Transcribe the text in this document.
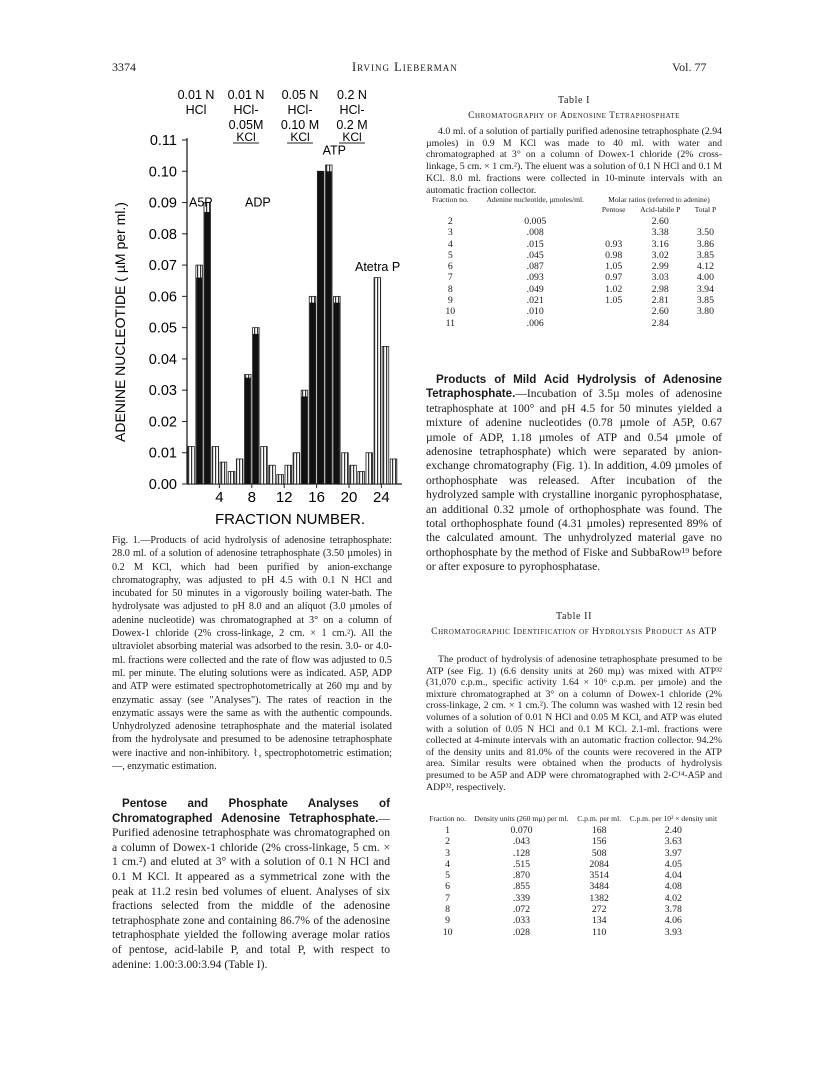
3374	Irving Lieberman	Vol. 77
0.01 N
HCl
0.01 N
HCl-
0.05M
KCl
0.05 N
HCl-
0.10 M
KCl
0.2 N
HCl-
0.2 M
KCl
0.00
0.01
0.02
0.03
0.04
0.05
0.06
0.07
0.08
0.09
0.10
0.11
4 8 12 16 20 24
FRACTION NUMBER.
ADENINE NUCLEOTIDE ( µM per ml.)	A5P	ADP
ATP
Atetra P

Fig. 1.—Products of acid hydrolysis of adenosine tetraphosphate: 28.0 ml. of a solution of adenosine tetraphosphate (3.50 µmoles) in 0.2 M KCl, which had been purified by anion-exchange chromatography, was adjusted to pH 4.5 with 0.1 N HCl and incubated for 50 minutes in a vigorously boiling water-bath. The hydrolysate was adjusted to pH 8.0 and an aliquot (3.0 µmoles of adenine nucleotide) was chromatographed at 3° on a column of Dowex-1 chloride (2% cross-linkage, 2 cm. × 1 cm.²). All the ultraviolet absorbing material was adsorbed to the resin. 3.0- or 4.0-ml. fractions were collected and the rate of flow was adjusted to 0.5 ml. per minute. The eluting solutions were as indicated. A5P, ADP and ATP were estimated spectrophotometrically at 260 mµ and by enzymatic assay (see "Analyses"). The rates of reaction in the enzymatic assays were the same as with the authentic compounds. Unhydrolyzed adenosine tetraphosphate and the material isolated from the hydrolysate and presumed to be adenosine tetraphosphate were inactive and non-inhibitory. ⌇, spectrophotometric estimation; —, enzymatic estimation.

Pentose and Phosphate Analyses of Chromatographed Adenosine Tetraphosphate.—Purified adenosine tetraphosphate was chromatographed on a column of Dowex-1 chloride (2% cross-linkage, 5 cm. × 1 cm.²) and eluted at 3° with a solution of 0.1 N HCl and 0.1 M KCl. It appeared as a symmetrical zone with the peak at 11.2 resin bed volumes of eluent. Analyses of six fractions selected from the middle of the adenosine tetraphosphate zone and containing 86.7% of the adenosine tetraphosphate yielded the following average molar ratios of pentose, acid-labile P, and total P, with respect to adenine: 1.00:3.00:3.94 (Table I).

Table I
Chromatography of Adenosine Tetraphosphate

4.0 ml. of a solution of partially purified adenosine tetraphosphate (2.94 µmoles) in 0.9 M KCl was made to 40 ml. with water and chromatographed at 3° on a column of Dowex-1 chloride (2% cross-linkage, 5 cm. × 1 cm.²). The eluent was a solution of 0.1 N HCl and 0.1 M KCl. 8.0 ml. fractions were collected in 10-minute intervals with an automatic fraction collector.

Fraction no.	Adenine nucleotide, µmoles/ml.	Molar ratios (referred to adenine)		
		Pentose	Acid-labile P	Total P
2	0.005		2.60	
3	.008		3.38	3.50
4	.015	0.93	3.16	3.86
5	.045	0.98	3.02	3.85
6	.087	1.05	2.99	4.12
7	.093	0.97	3.03	4.00
8	.049	1.02	2.98	3.94
9	.021	1.05	2.81	3.85
10	.010		2.60	3.80
11	.006		2.84	

Products of Mild Acid Hydrolysis of Adenosine Tetraphosphate.—Incubation of 3.5µ moles of adenosine tetraphosphate at 100° and pH 4.5 for 50 minutes yielded a mixture of adenine nucleotides (0.78 µmole of A5P, 0.67 µmole of ADP, 1.18 µmoles of ATP and 0.54 µmole of adenosine tetraphosphate) which were separated by anion-exchange chromatography (Fig. 1). In addition, 4.09 µmoles of orthophosphate was released. After incubation of the hydrolyzed sample with crystalline inorganic pyrophosphatase, an additional 0.32 µmole of orthophosphate was found. The total orthophosphate found (4.31 µmoles) represented 89% of the calculated amount. The unhydrolyzed material gave no orthophosphate by the method of Fiske and SubbaRow¹⁹ before or after exposure to pyrophosphatase.

Table II
Chromatographic Identification of Hydrolysis Product as ATP

The product of hydrolysis of adenosine tetraphosphate presumed to be ATP (see Fig. 1) (6.6 density units at 260 mµ) was mixed with ATP³² (31,070 c.p.m., specific activity 1.64 × 10⁶ c.p.m. per µmole) and the mixture chromatographed at 3° on a column of Dowex-1 chloride (2% cross-linkage, 2 cm. × 1 cm.²). The column was washed with 12 resin bed volumes of a solution of 0.01 N HCl and 0.05 M KCl, and ATP was eluted with a solution of 0.05 N HCl and 0.1 M KCl. 2.1-ml. fractions were collected at 4-minute intervals with an automatic fraction collector. 94.2% of the density units and 81.0% of the counts were recovered in the ATP area. Similar results were obtained when the products of hydrolysis presumed to be A5P and ADP were chromatographed with 2-C¹⁴-A5P and ADP³², respectively.

Fraction no.	Density units (260 mµ) per ml.	C.p.m. per ml.	C.p.m. per 10² × density unit
1	0.070	168	2.40
2	.043	156	3.63
3	.128	508	3.97
4	.515	2084	4.05
5	.870	3514	4.04
6	.855	3484	4.08
7	.339	1382	4.02
8	.072	272	3.78
9	.033	134	4.06
10	.028	110	3.93
